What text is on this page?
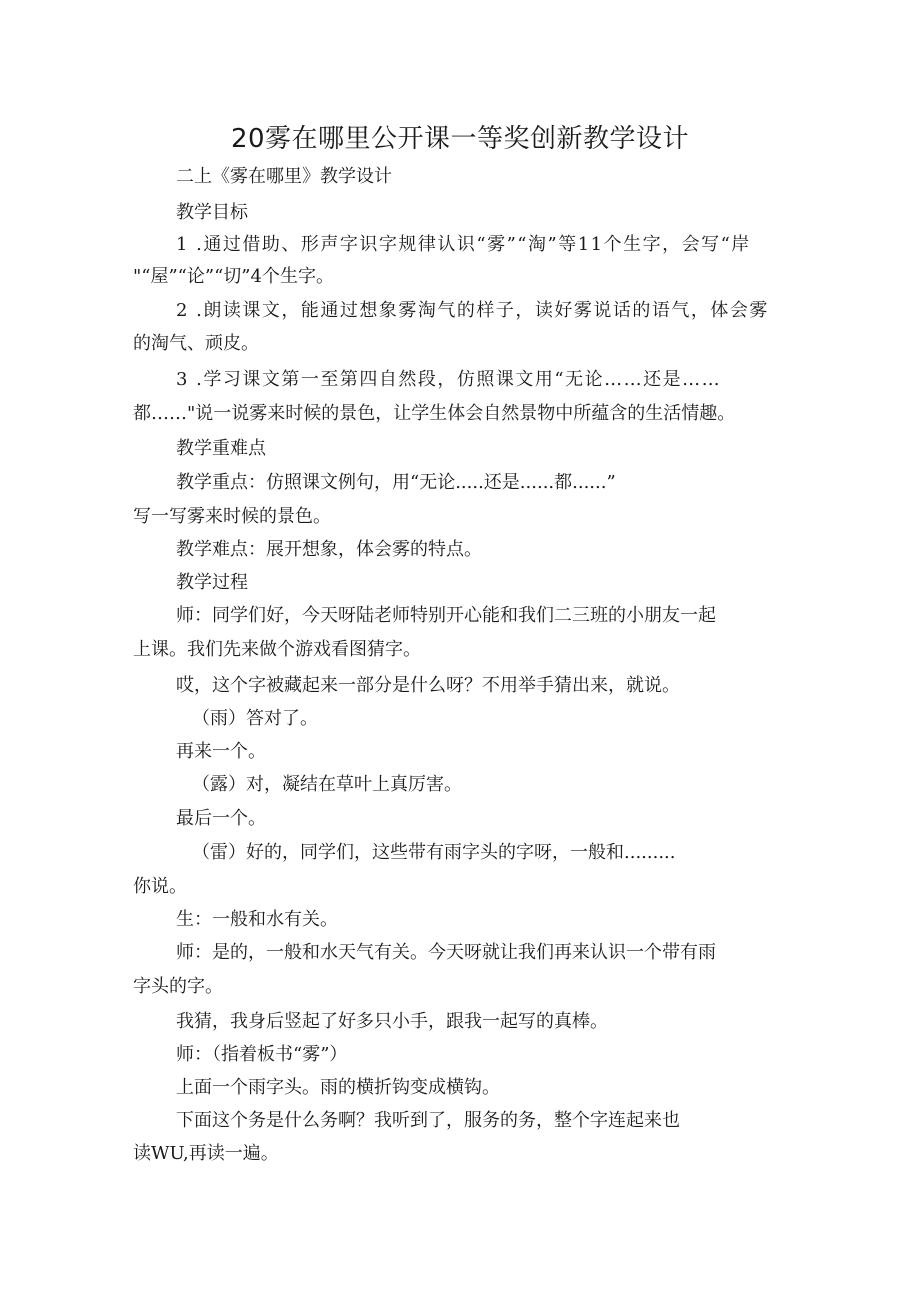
20雾在哪里公开课一等奖创新教学设计
二上《雾在哪里》教学设计
教学目标
1 .通过借助、形声字识字规律认识“雾”“淘”等11个生字，会写“岸
"“屋”“论”“切”4个生字。
2 .朗读课文，能通过想象雾淘气的样子，读好雾说话的语气，体会雾
的淘气、顽皮。
3 .学习课文第一至第四自然段，仿照课文用“无论……还是……
都……"说一说雾来时候的景色，让学生体会自然景物中所蕴含的生活情趣。
教学重难点
教学重点：仿照课文例句，用“无论.....还是......都......”
写一写雾来时候的景色。
教学难点：展开想象，体会雾的特点。
教学过程
师：同学们好，今天呀陆老师特别开心能和我们二三班的小朋友一起
上课。我们先来做个游戏看图猜字。
哎，这个字被藏起来一部分是什么呀？不用举手猜出来，就说。
（雨）答对了。
再来一个。
（露）对，凝结在草叶上真厉害。
最后一个。
（雷）好的，同学们，这些带有雨字头的字呀，一般和.........
你说。
生：一般和水有关。
师：是的，一般和水天气有关。今天呀就让我们再来认识一个带有雨
字头的字。
我猜，我身后竖起了好多只小手，跟我一起写的真棒。
师：（指着板书“雾”）
上面一个雨字头。雨的横折钩变成横钩。
下面这个务是什么务啊？我听到了，服务的务，整个字连起来也
读WU,再读一遍。
